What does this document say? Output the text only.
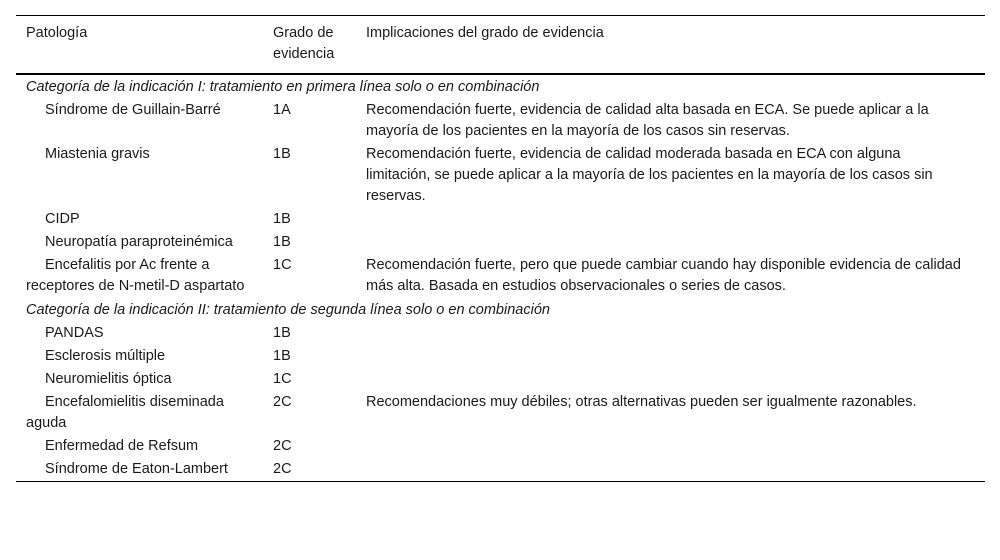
Patología	Grado de evidencia	Implicaciones del grado de evidencia
Categoría de la indicación I: tratamiento en primera línea solo o en combinación		
Síndrome de Guillain-Barré	1A	Recomendación fuerte, evidencia de calidad alta basada en ECA. Se puede aplicar a la mayoría de los pacientes en la mayoría de los casos sin reservas.
Miastenia gravis	1B	Recomendación fuerte, evidencia de calidad moderada basada en ECA con alguna limitación, se puede aplicar a la mayoría de los pacientes en la mayoría de los casos sin reservas.
CIDP	1B	
Neuropatía paraproteinémica	1B	
Encefalitis por Ac frente a receptores de N-metil-D aspartato	1C	Recomendación fuerte, pero que puede cambiar cuando hay disponible evidencia de calidad más alta. Basada en estudios observacionales o series de casos.
Categoría de la indicación II: tratamiento de segunda línea solo o en combinación		
PANDAS	1B	
Esclerosis múltiple	1B	
Neuromielitis óptica	1C	
Encefalomielitis diseminada aguda	2C	Recomendaciones muy débiles; otras alternativas pueden ser igualmente razonables.
Enfermedad de Refsum	2C	
Síndrome de Eaton-Lambert	2C	
